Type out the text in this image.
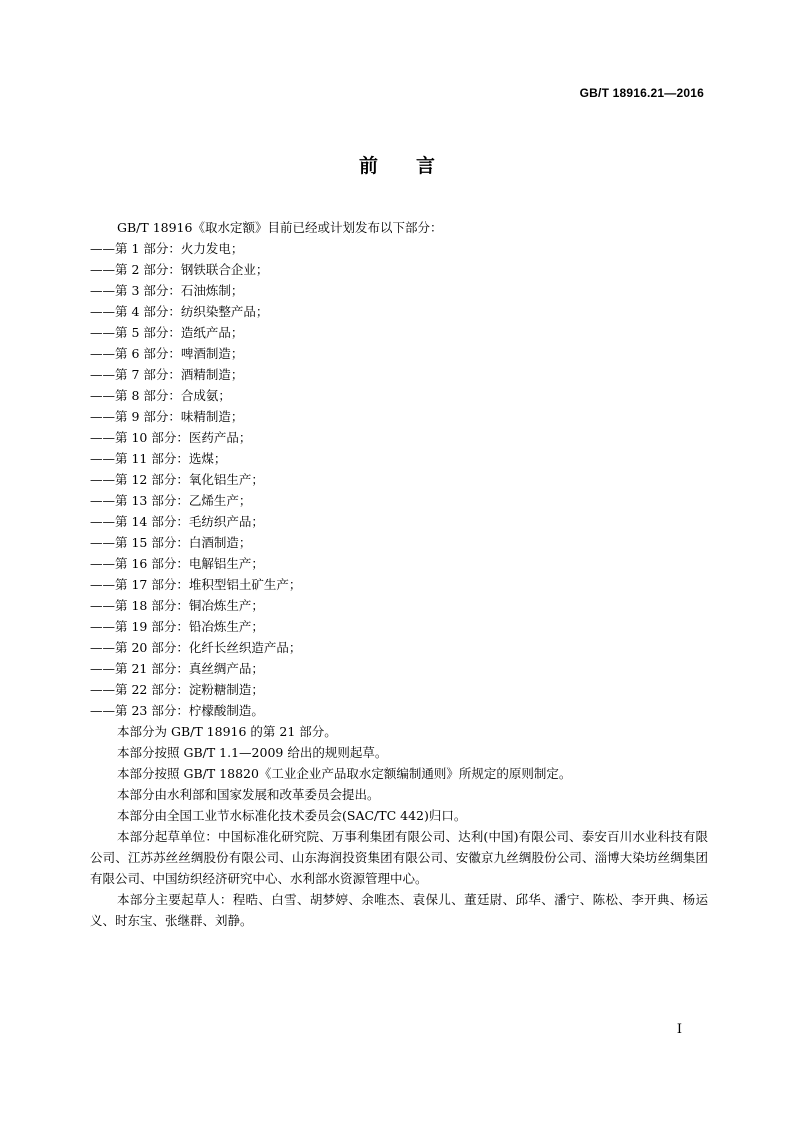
GB/T 18916.21—2016
前言
GB/T 18916《取水定额》目前已经或计划发布以下部分：
——第 1 部分：火力发电；
——第 2 部分：钢铁联合企业；
——第 3 部分：石油炼制；
——第 4 部分：纺织染整产品；
——第 5 部分：造纸产品；
——第 6 部分：啤酒制造；
——第 7 部分：酒精制造；
——第 8 部分：合成氨；
——第 9 部分：味精制造；
——第 10 部分：医药产品；
——第 11 部分：选煤；
——第 12 部分：氧化铝生产；
——第 13 部分：乙烯生产；
——第 14 部分：毛纺织产品；
——第 15 部分：白酒制造；
——第 16 部分：电解铝生产；
——第 17 部分：堆积型铝土矿生产；
——第 18 部分：铜冶炼生产；
——第 19 部分：铅冶炼生产；
——第 20 部分：化纤长丝织造产品；
——第 21 部分：真丝绸产品；
——第 22 部分：淀粉糖制造；
——第 23 部分：柠檬酸制造。
本部分为 GB/T 18916 的第 21 部分。
本部分按照 GB/T 1.1—2009 给出的规则起草。
本部分按照 GB/T 18820《工业企业产品取水定额编制通则》所规定的原则制定。
本部分由水利部和国家发展和改革委员会提出。
本部分由全国工业节水标准化技术委员会(SAC/TC 442)归口。
本部分起草单位：中国标准化研究院、万事利集团有限公司、达利(中国)有限公司、泰安百川水业科技有限公司、江苏苏丝丝绸股份有限公司、山东海润投资集团有限公司、安徽京九丝绸股份公司、淄博大染坊丝绸集团有限公司、中国纺织经济研究中心、水利部水资源管理中心。
本部分主要起草人：程晧、白雪、胡梦婷、余唯杰、袁保儿、董廷尉、邱华、潘宁、陈松、李开典、杨运义、时东宝、张继群、刘静。
I
